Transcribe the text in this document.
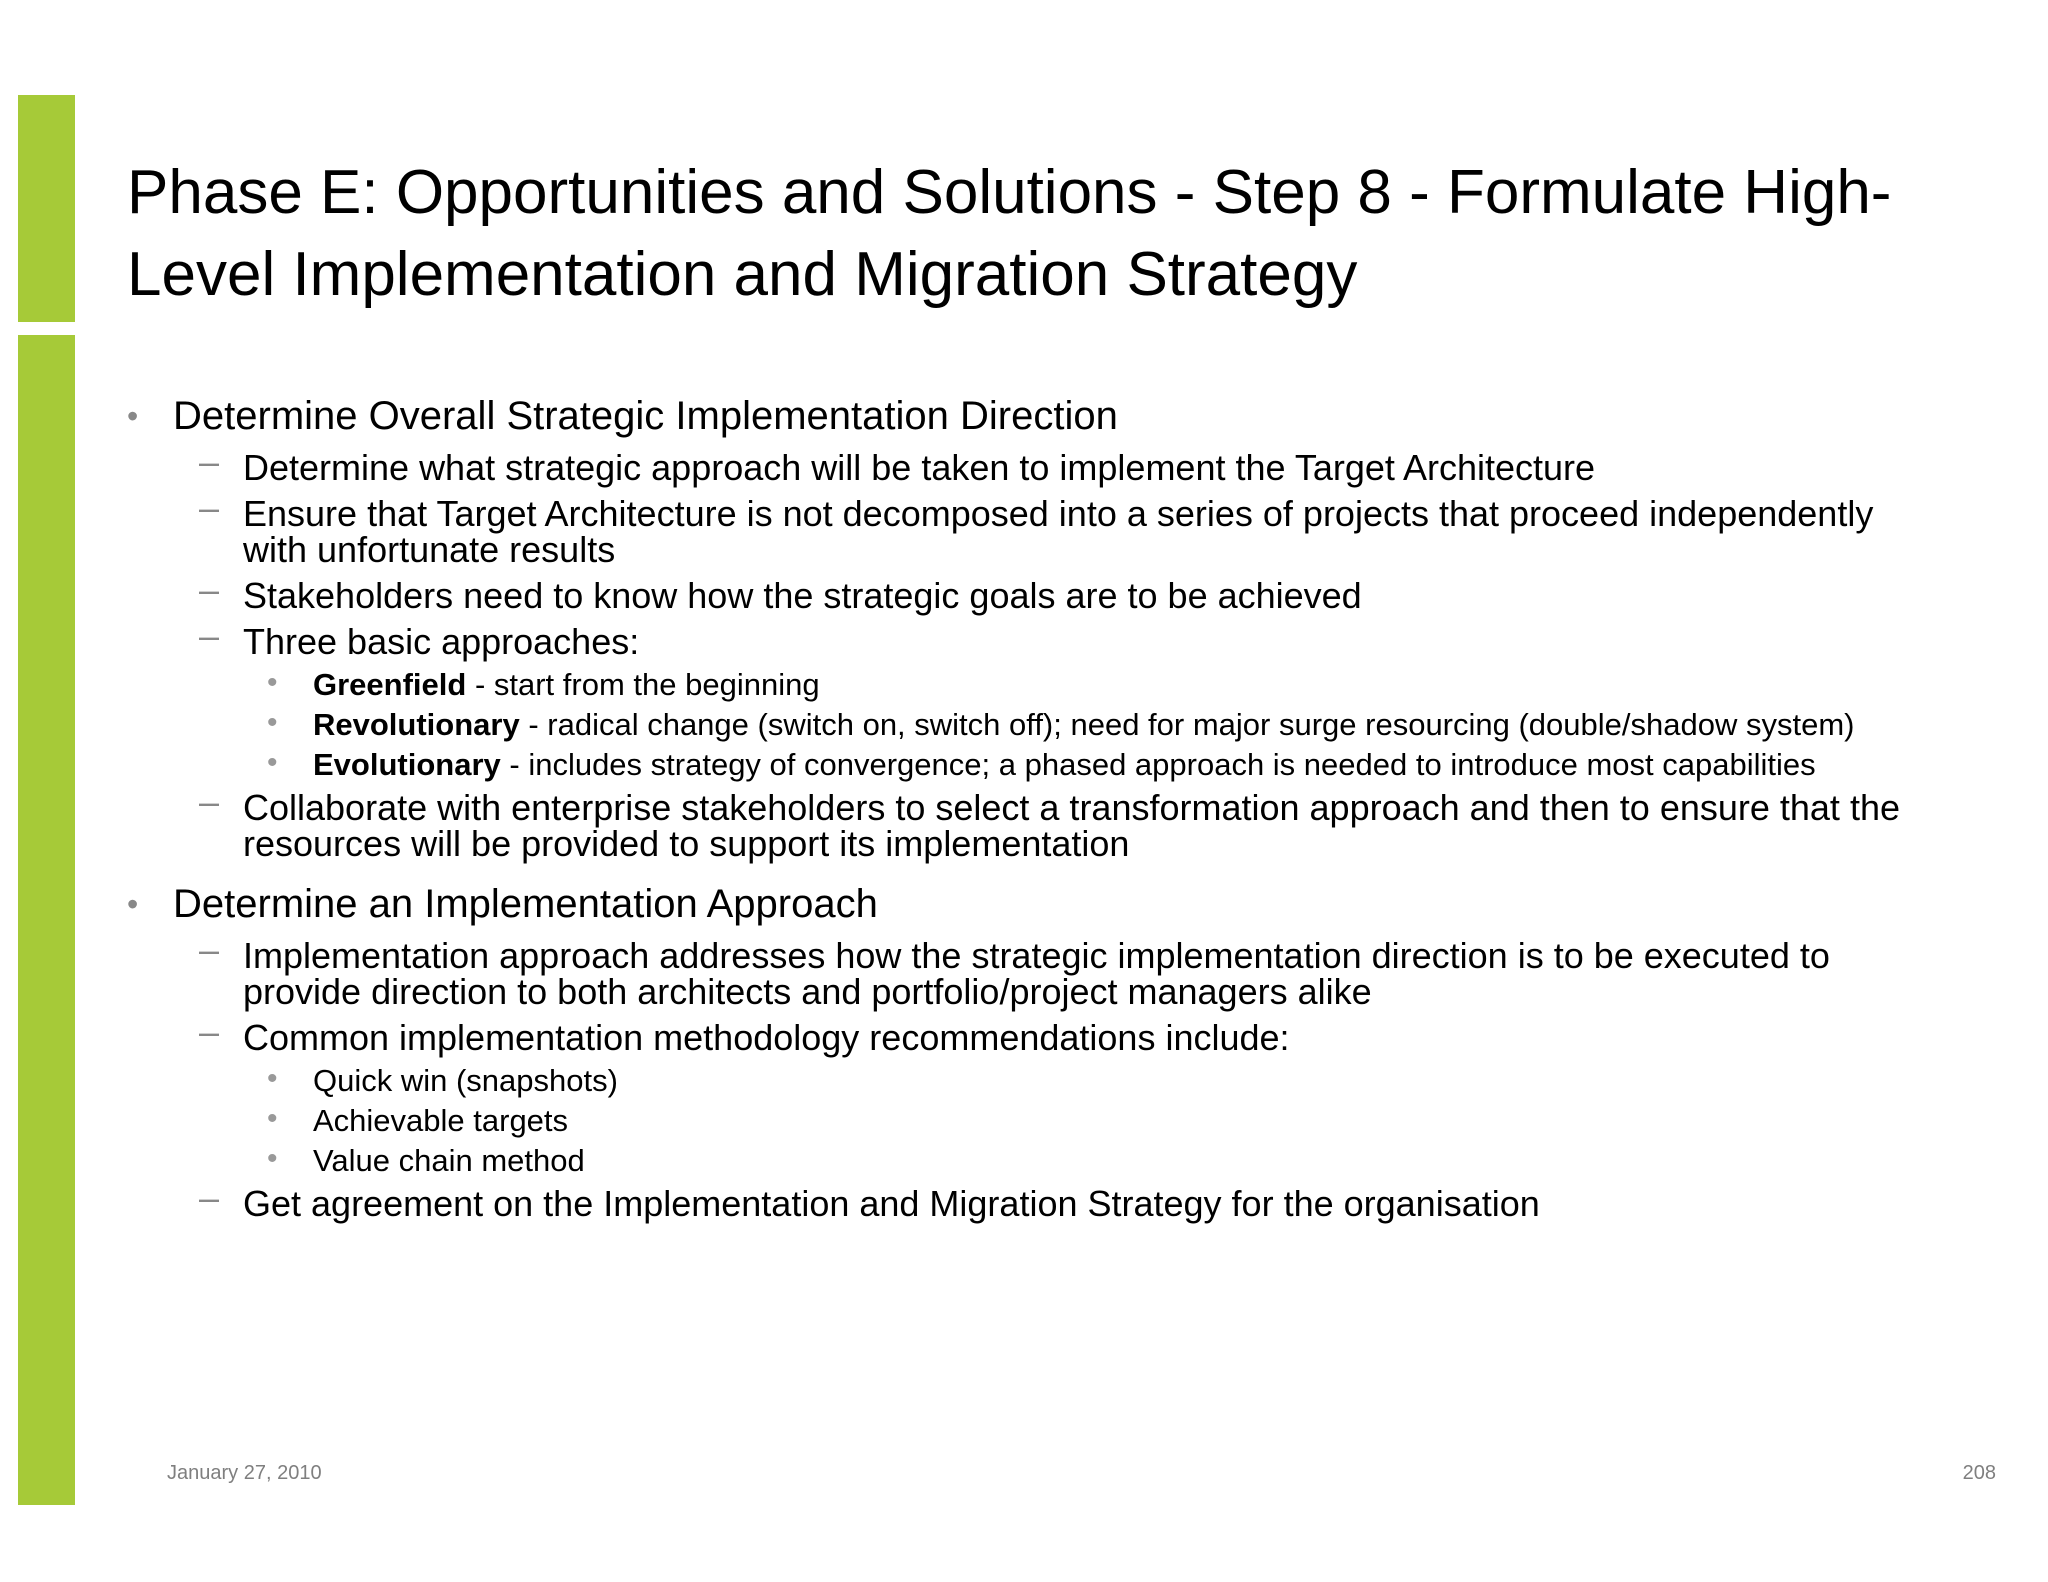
Phase E: Opportunities and Solutions - Step 8 - Formulate High-Level Implementation and Migration Strategy
• Determine Overall Strategic Implementation Direction
– Determine what strategic approach will be taken to implement the Target Architecture
– Ensure that Target Architecture is not decomposed into a series of projects that proceed independently with unfortunate results
– Stakeholders need to know how the strategic goals are to be achieved
– Three basic approaches:
• Greenfield - start from the beginning
• Revolutionary - radical change (switch on, switch off); need for major surge resourcing (double/shadow system)
• Evolutionary - includes strategy of convergence; a phased approach is needed to introduce most capabilities
– Collaborate with enterprise stakeholders to select a transformation approach and then to ensure that the resources will be provided to support its implementation
• Determine an Implementation Approach
– Implementation approach addresses how the strategic implementation direction is to be executed to provide direction to both architects and portfolio/project managers alike
– Common implementation methodology recommendations include:
• Quick win (snapshots)
• Achievable targets
• Value chain method
– Get agreement on the Implementation and Migration Strategy for the organisation
January 27, 2010	208
